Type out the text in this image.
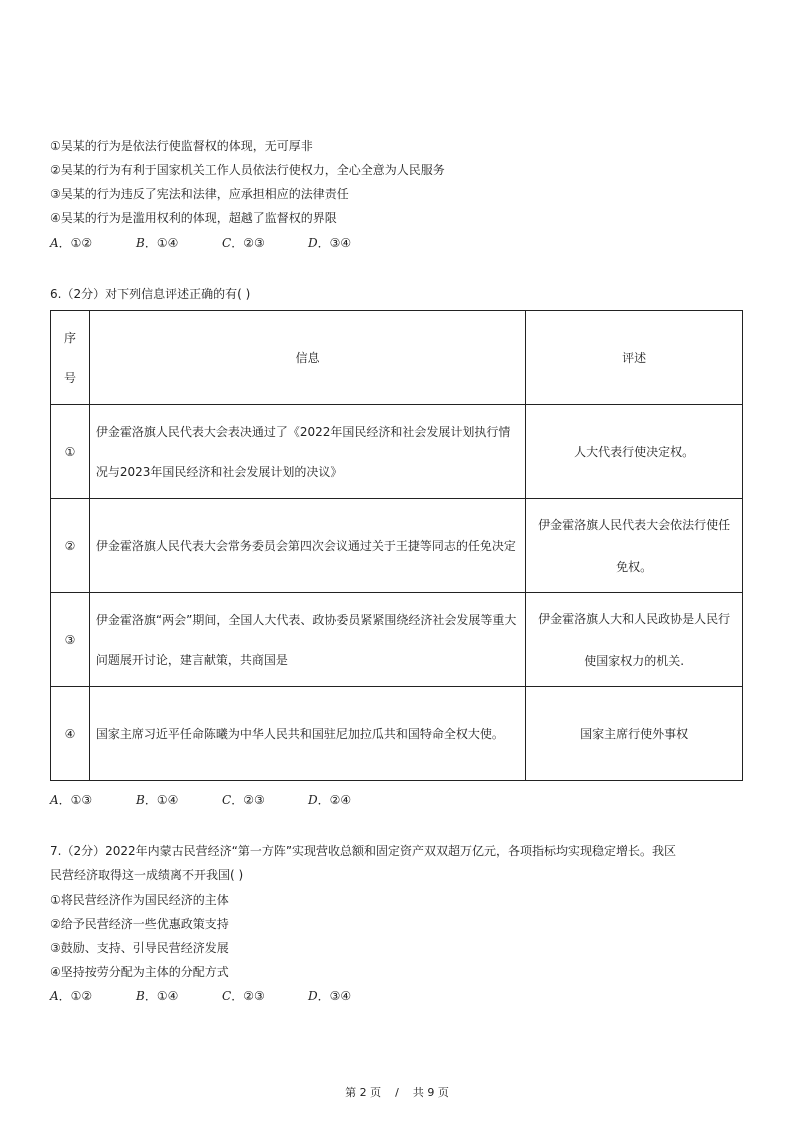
①吴某的行为是依法行使监督权的体现，无可厚非
②吴某的行为有利于国家机关工作人员依法行使权力，全心全意为人民服务
③吴某的行为违反了宪法和法律，应承担相应的法律责任
④吴某的行为是滥用权利的体现，超越了监督权的界限
A．①②	B．①④	C．②③	D．③④
6.（2分）对下列信息评述正确的有( )
序
号	信息	评述
①	伊金霍洛旗人民代表大会表决通过了《2022年国民经济和社会发展计划执行情况与2023年国民经济和社会发展计划的决议》	人大代表行使决定权。

②	伊金霍洛旗人民代表大会常务委员会第四次会议通过关于王捷等同志的任免决定	伊金霍洛旗人民代表大会依法行使任免权。

③	伊金霍洛旗“两会”期间，全国人大代表、政协委员紧紧围绕经济社会发展等重大问题展开讨论，建言献策，共商国是	伊金霍洛旗人大和人民政协是人民行使国家权力的机关.

④	国家主席习近平任命陈曦为中华人民共和国驻尼加拉瓜共和国特命全权大使。	国家主席行使外事权
A．①③	B．①④	C．②③	D．②④
7.（2分）2022年内蒙古民营经济“第一方阵”实现营收总额和固定资产双双超万亿元，各项指标均实现稳定增长。我区
民营经济取得这一成绩离不开我国( )
①将民营经济作为国民经济的主体
②给予民营经济一些优惠政策支持
③鼓励、支持、引导民营经济发展
④坚持按劳分配为主体的分配方式
A．①②	B．①④	C．②③	D．③④
第 2 页    /    共 9 页
